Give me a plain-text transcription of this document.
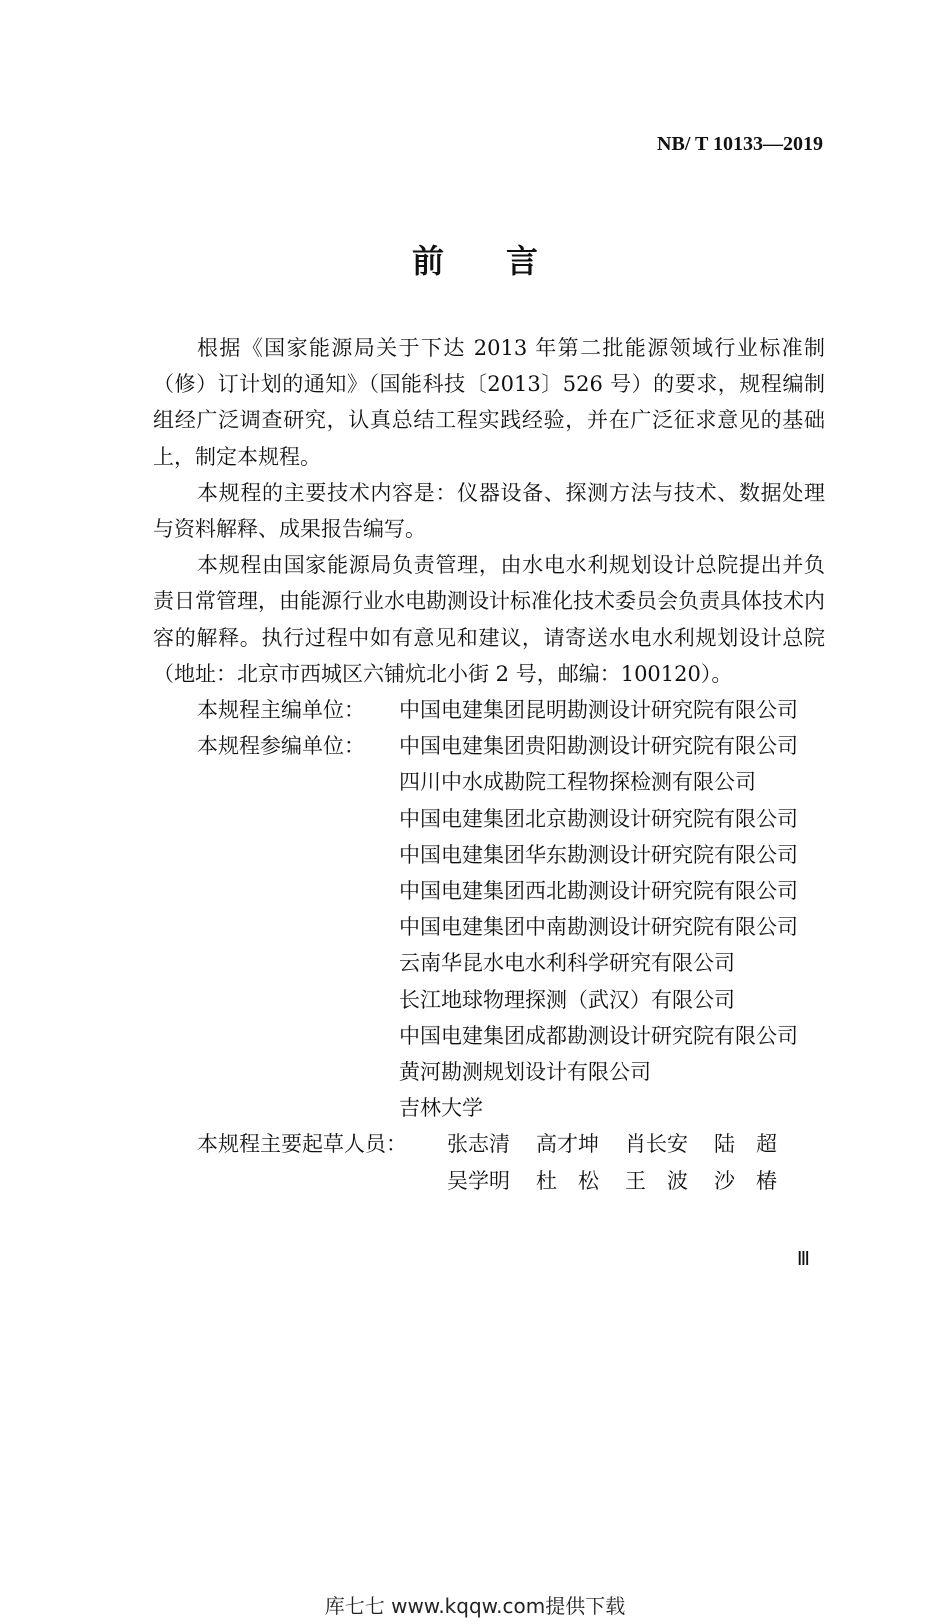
NB/ T 10133—2019
前言

根据《国家能源局关于下达 2013 年第二批能源领域行业标准制（修）订计划的通知》（国能科技〔2013〕526 号）的要求，规程编制组经广泛调查研究，认真总结工程实践经验，并在广泛征求意见的基础上，制定本规程。

本规程的主要技术内容是：仪器设备、探测方法与技术、数据处理与资料解释、成果报告编写。

本规程由国家能源局负责管理，由水电水利规划设计总院提出并负责日常管理，由能源行业水电勘测设计标准化技术委员会负责具体技术内容的解释。执行过程中如有意见和建议，请寄送水电水利规划设计总院（地址：北京市西城区六铺炕北小街 2 号，邮编：100120）。

本规程主编单位：	中国电建集团昆明勘测设计研究院有限公司
本规程参编单位：	中国电建集团贵阳勘测设计研究院有限公司
四川中水成勘院工程物探检测有限公司
中国电建集团北京勘测设计研究院有限公司
中国电建集团华东勘测设计研究院有限公司
中国电建集团西北勘测设计研究院有限公司
中国电建集团中南勘测设计研究院有限公司
云南华昆水电水利科学研究有限公司
长江地球物理探测（武汉）有限公司
中国电建集团成都勘测设计研究院有限公司
黄河勘测规划设计有限公司
吉林大学
本规程主要起草人员：	张志清 高才坤 肖长安 陆　超
吴学明 杜　松 王　波 沙　椿
Ⅲ
库七七 www.kqqw.com提供下载
